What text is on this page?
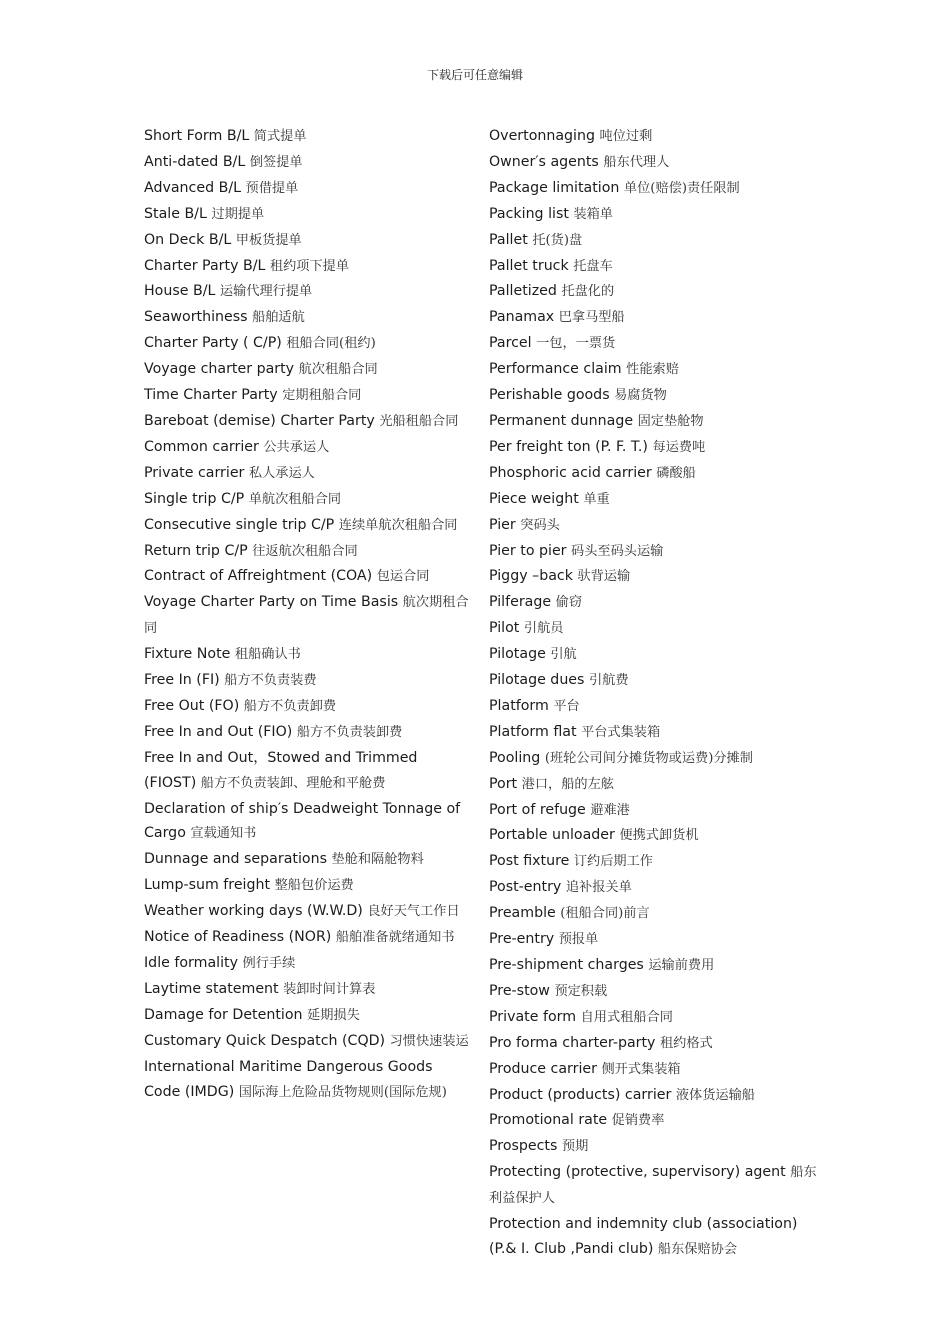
下载后可任意编辑
Short Form B/L 简式提单
Anti-dated B/L 倒签提单
Advanced B/L 预借提单
Stale B/L 过期提单
On Deck B/L 甲板货提单
Charter Party B/L 租约项下提单
House B/L 运输代理行提单
Seaworthiness 船舶适航
Charter Party ( C/P) 租船合同(租约)
Voyage charter party 航次租船合同
Time Charter Party 定期租船合同
Bareboat (demise) Charter Party 光船租船合同
Common carrier 公共承运人
Private carrier 私人承运人
Single trip C/P 单航次租船合同
Consecutive single trip C/P 连续单航次租船合同
Return trip C/P 往返航次租船合同
Contract of Affreightment (COA) 包运合同
Voyage Charter Party on Time Basis 航次期租合同
Fixture Note 租船确认书
Free In (FI) 船方不负责装费
Free Out (FO) 船方不负责卸费
Free In and Out (FIO) 船方不负责装卸费
Free In and Out，Stowed and Trimmed (FIOST) 船方不负责装卸、理舱和平舱费
Declaration of ship′s Deadweight Tonnage of Cargo 宣载通知书
Dunnage and separations 垫舱和隔舱物料
Lump-sum freight 整船包价运费
Weather working days (W.W.D) 良好天气工作日
Notice of Readiness (NOR) 船舶准备就绪通知书
Idle formality 例行手续
Laytime statement 装卸时间计算表
Damage for Detention 延期损失
Customary Quick Despatch (CQD) 习惯快速装运
International Maritime Dangerous Goods Code (IMDG) 国际海上危险品货物规则(国际危规)
Overtonnaging 吨位过剩
Owner′s agents 船东代理人
Package limitation 单位(赔偿)责任限制
Packing list 装箱单
Pallet 托(货)盘
Pallet truck 托盘车
Palletized 托盘化的
Panamax 巴拿马型船
Parcel 一包，一票货
Performance claim 性能索赔
Perishable goods 易腐货物
Permanent dunnage 固定垫舱物
Per freight ton (P. F. T.) 每运费吨
Phosphoric acid carrier 磷酸船
Piece weight 单重
Pier 突码头
Pier to pier 码头至码头运输
Piggy –back 驮背运输
Pilferage 偷窃
Pilot 引航员
Pilotage 引航
Pilotage dues 引航费
Platform 平台
Platform flat 平台式集装箱
Pooling (班轮公司间分摊货物或运费)分摊制
Port 港口，船的左舷
Port of refuge 避难港
Portable unloader 便携式卸货机
Post fixture 订约后期工作
Post-entry 追补报关单
Preamble (租船合同)前言
Pre-entry 预报单
Pre-shipment charges 运输前费用
Pre-stow 预定积载
Private form 自用式租船合同
Pro forma charter-party 租约格式
Produce carrier 侧开式集装箱
Product (products) carrier 液体货运输船
Promotional rate 促销费率
Prospects 预期
Protecting (protective, supervisory) agent 船东利益保护人
Protection and indemnity club (association) (P.& I. Club ,Pandi club) 船东保赔协会
